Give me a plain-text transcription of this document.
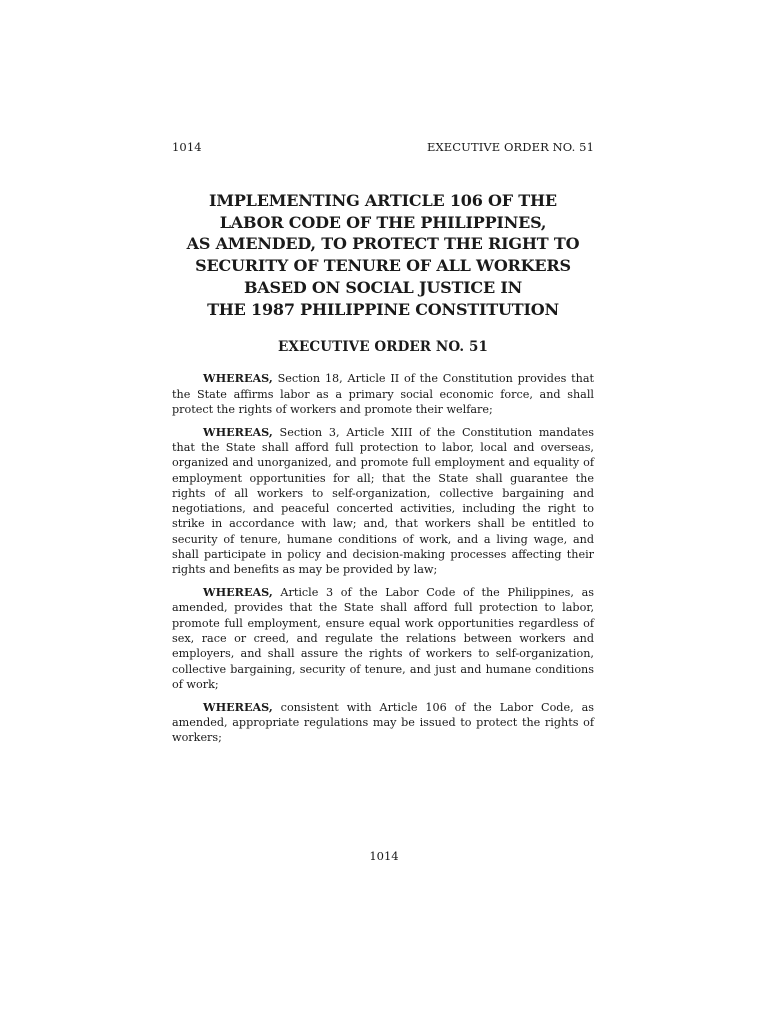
1014	EXECUTIVE ORDER NO. 51
IMPLEMENTING ARTICLE 106 OF THE
LABOR CODE OF THE PHILIPPINES,
AS AMENDED, TO PROTECT THE RIGHT TO
SECURITY OF TENURE OF ALL WORKERS
BASED ON SOCIAL JUSTICE IN
THE 1987 PHILIPPINE CONSTITUTION
EXECUTIVE ORDER NO. 51

WHEREAS, Section 18, Article II of the Constitution provides that the State affirms labor as a primary social economic force, and shall protect the rights of workers and promote their welfare;

WHEREAS, Section 3, Article XIII of the Constitution mandates that the State shall afford full protection to labor, local and overseas, organized and unorganized, and promote full employment and equality of employment opportunities for all; that the State shall guarantee the rights of all workers to self-organization, collective bargaining and negotiations, and peaceful concerted activities, including the right to strike in accordance with law; and, that workers shall be entitled to security of tenure, humane conditions of work, and a living wage, and shall participate in policy and decision-making processes affecting their rights and benefits as may be provided by law;

WHEREAS, Article 3 of the Labor Code of the Philippines, as amended, provides that the State shall afford full protection to labor, promote full employment, ensure equal work opportunities regardless of sex, race or creed, and regulate the relations between workers and employers, and shall assure the rights of workers to self-organization, collective bargaining, security of tenure, and just and humane conditions of work;

WHEREAS, consistent with Article 106 of the Labor Code, as amended, appropriate regulations may be issued to protect the rights of workers;

1014
